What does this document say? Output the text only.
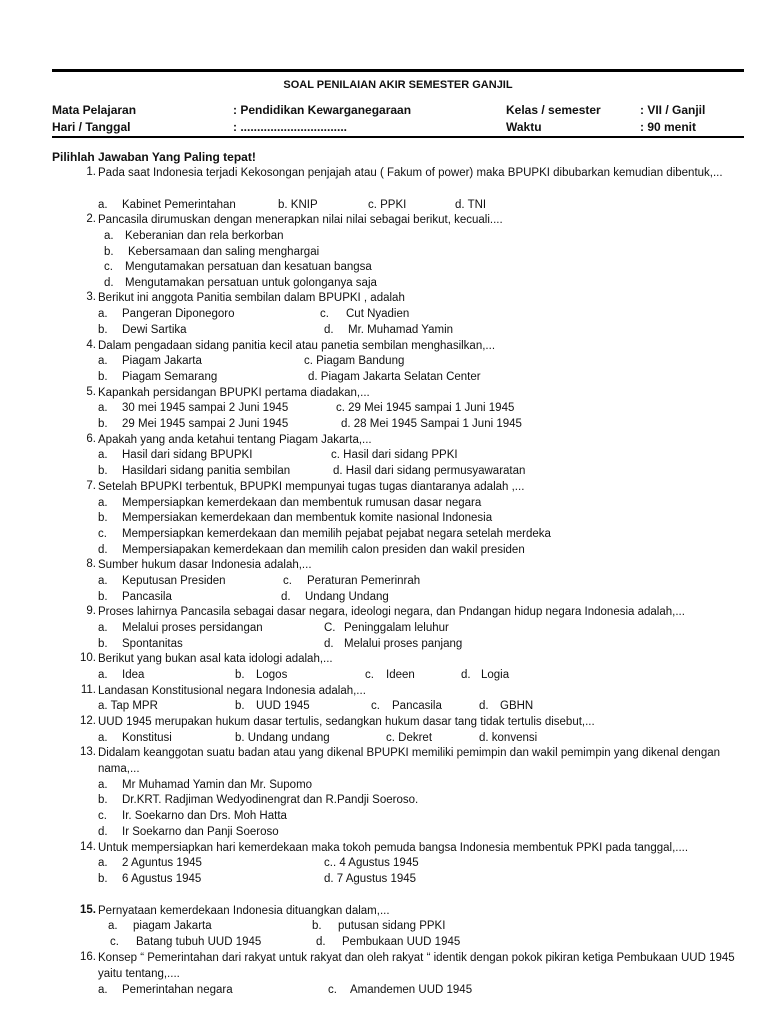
SOAL PENILAIAN AKIR SEMESTER GANJIL
Mata Pelajaran	: Pendidikan Kewarganegaraan	Kelas / semester	: VII / Ganjil
Hari / Tanggal	: ................................	Waktu	: 90 menit
Pilihlah Jawaban Yang Paling tepat!
1. Pada saat Indonesia terjadi Kekosongan penjajah atau ( Fakum of power) maka BPUPKI dibubarkan kemudian dibentuk,...
a. Kabinet Pemerintahan	b. KNIP	c. PPKI	d. TNI
2. Pancasila dirumuskan dengan menerapkan nilai nilai sebagai berikut, kecuali....
a. Keberanian dan rela berkorban
b. Kebersamaan dan saling menghargai
c. Mengutamakan persatuan dan kesatuan bangsa
d. Mengutamakan persatuan untuk golonganya saja
3. Berikut ini anggota Panitia sembilan dalam BPUPKI , adalah
a. Pangeran Diponegoro	c. Cut Nyadien
b. Dewi Sartika	d. Mr. Muhamad Yamin
4. Dalam pengadaan sidang panitia kecil atau panetia sembilan menghasilkan,...
a. Piagam Jakarta	c. Piagam Bandung
b. Piagam Semarang	d. Piagam Jakarta Selatan Center
5. Kapankah persidangan BPUPKI pertama diadakan,...
a. 30 mei 1945 sampai 2 Juni 1945	c. 29 Mei 1945 sampai 1 Juni 1945
b. 29 Mei 1945 sampai 2 Juni 1945	d. 28 Mei 1945 Sampai 1 Juni 1945
6. Apakah yang anda ketahui tentang Piagam Jakarta,...
a. Hasil dari sidang BPUPKI	c. Hasil dari sidang PPKI
b. Hasildari sidang panitia sembilan	d. Hasil dari sidang permusyawaratan
7. Setelah BPUPKI terbentuk, BPUPKI mempunyai tugas tugas diantaranya adalah ,...
a. Mempersiapkan kemerdekaan dan membentuk rumusan dasar negara
b. Mempersiakan kemerdekaan dan membentuk komite nasional Indonesia
c. Mempersiapkan kemerdekaan dan memilih pejabat pejabat negara setelah merdeka
d. Mempersiapakan kemerdekaan dan memilih calon presiden dan wakil presiden
8. Sumber hukum dasar Indonesia adalah,...
a. Keputusan Presiden	c. Peraturan Pemerinrah
b. Pancasila	d. Undang Undang
9. Proses lahirnya Pancasila sebagai dasar negara, ideologi negara, dan Pndangan hidup negara Indonesia adalah,...
a. Melalui proses persidangan	C. Peninggalam leluhur
b. Spontanitas	d. Melalui proses panjang
10. Berikut yang bukan asal kata idologi adalah,...
a. Idea	b. Logos	c. Ideen	d. Logia
11. Landasan Konstitusional negara Indonesia adalah,...
a. Tap MPR	b. UUD 1945	c. Pancasila	d. GBHN
12. UUD 1945 merupakan hukum dasar tertulis, sedangkan hukum dasar tang tidak tertulis disebut,...
a. Konstitusi	b. Undang undang	c. Dekret	d. konvensi
13. Didalam keanggotan suatu badan atau yang dikenal BPUPKI memiliki pemimpin dan wakil pemimpin yang dikenal dengan nama,...
a. Mr Muhamad Yamin dan Mr. Supomo
b. Dr.KRT. Radjiman Wedyodinengrat dan R.Pandji Soeroso.
c. Ir. Soekarno dan Drs. Moh Hatta
d. Ir Soekarno dan Panji Soeroso
14. Untuk mempersiapkan hari kemerdekaan maka tokoh pemuda bangsa Indonesia membentuk PPKI pada tanggal,....
a. 2 Aguntus 1945	c.. 4 Agustus 1945
b. 6 Agustus 1945	d. 7 Agustus 1945
15. Pernyataan kemerdekaan Indonesia dituangkan dalam,...
a. piagam Jakarta	b. putusan sidang PPKI
c. Batang tubuh UUD 1945	d. Pembukaan UUD 1945
16. Konsep “ Pemerintahan dari rakyat untuk rakyat dan oleh rakyat “ identik dengan pokok pikiran ketiga Pembukaan UUD 1945 yaitu tentang,....
a. Pemerintahan negara	c. Amandemen UUD 1945
